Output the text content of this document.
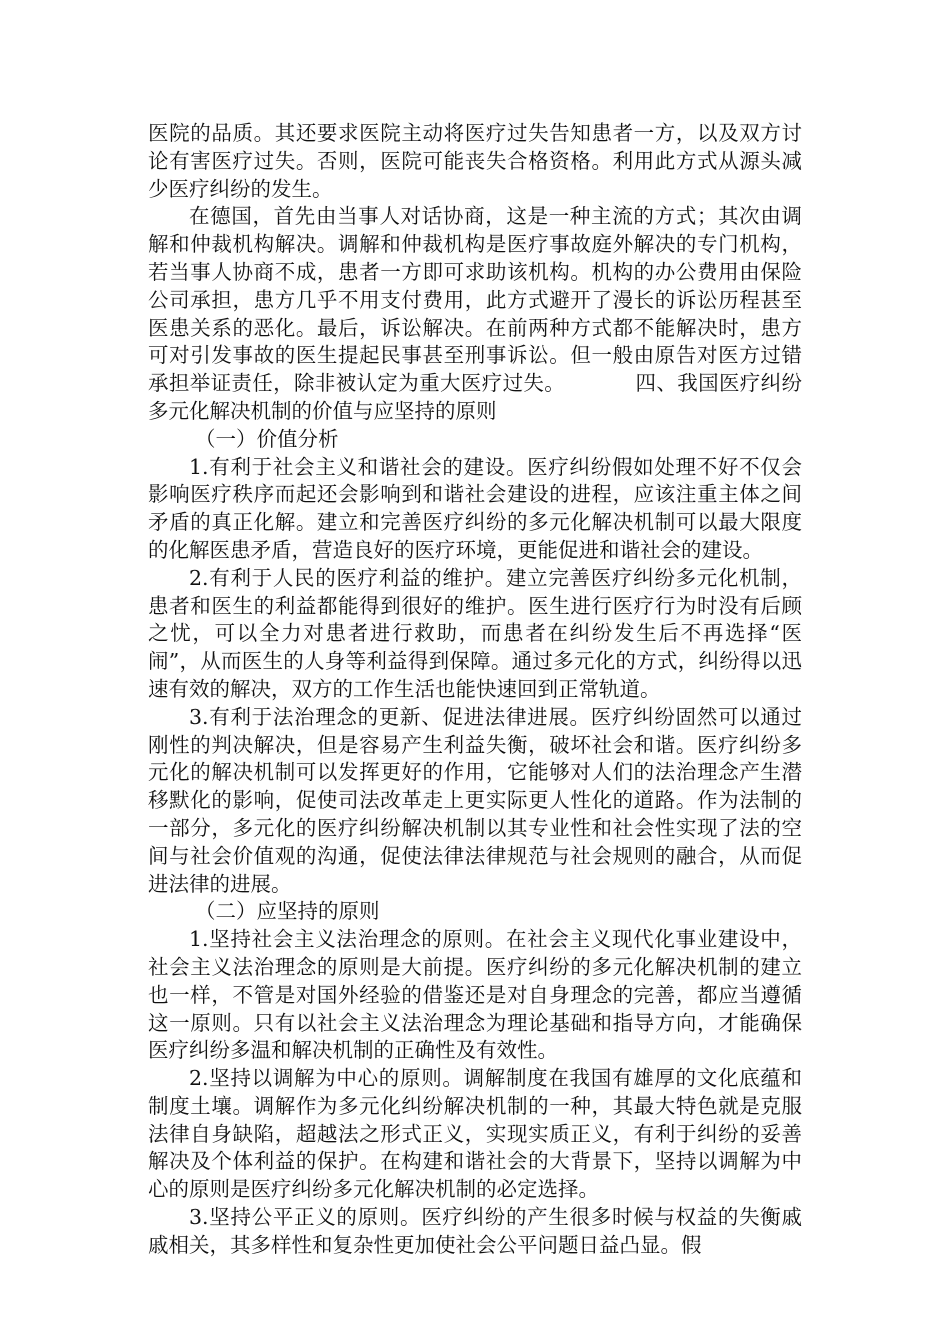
医院的品质。其还要求医院主动将医疗过失告知患者一方，以及双方讨论有害医疗过失。否则，医院可能丧失合格资格。利用此方式从源头减少医疗纠纷的发生。

在德国，首先由当事人对话协商，这是一种主流的方式；其次由调解和仲裁机构解决。调解和仲裁机构是医疗事故庭外解决的专门机构，若当事人协商不成，患者一方即可求助该机构。机构的办公费用由保险公司承担，患方几乎不用支付费用，此方式避开了漫长的诉讼历程甚至医患关系的恶化。最后，诉讼解决。在前两种方式都不能解决时，患方可对引发事故的医生提起民事甚至刑事诉讼。但一般由原告对医方过错承担举证责任，除非被认定为重大医疗过失。	四、我国医疗纠纷多元化解决机制的价值与应坚持的原则

（一）价值分析

1.有利于社会主义和谐社会的建设。医疗纠纷假如处理不好不仅会影响医疗秩序而起还会影响到和谐社会建设的进程，应该注重主体之间矛盾的真正化解。建立和完善医疗纠纷的多元化解决机制可以最大限度的化解医患矛盾，营造良好的医疗环境，更能促进和谐社会的建设。

2.有利于人民的医疗利益的维护。建立完善医疗纠纷多元化机制，患者和医生的利益都能得到很好的维护。医生进行医疗行为时没有后顾之忧，可以全力对患者进行救助，而患者在纠纷发生后不再选择“医闹”，从而医生的人身等利益得到保障。通过多元化的方式，纠纷得以迅速有效的解决，双方的工作生活也能快速回到正常轨道。

3.有利于法治理念的更新、促进法律进展。医疗纠纷固然可以通过刚性的判决解决，但是容易产生利益失衡，破坏社会和谐。医疗纠纷多元化的解决机制可以发挥更好的作用，它能够对人们的法治理念产生潜移默化的影响，促使司法改革走上更实际更人性化的道路。作为法制的一部分，多元化的医疗纠纷解决机制以其专业性和社会性实现了法的空间与社会价值观的沟通，促使法律法律规范与社会规则的融合，从而促进法律的进展。

（二）应坚持的原则

1.坚持社会主义法治理念的原则。在社会主义现代化事业建设中，社会主义法治理念的原则是大前提。医疗纠纷的多元化解决机制的建立也一样，不管是对国外经验的借鉴还是对自身理念的完善，都应当遵循这一原则。只有以社会主义法治理念为理论基础和指导方向，才能确保医疗纠纷多温和解决机制的正确性及有效性。

2.坚持以调解为中心的原则。调解制度在我国有雄厚的文化底蕴和制度土壤。调解作为多元化纠纷解决机制的一种，其最大特色就是克服法律自身缺陷，超越法之形式正义，实现实质正义，有利于纠纷的妥善解决及个体利益的保护。在构建和谐社会的大背景下，坚持以调解为中心的原则是医疗纠纷多元化解决机制的必定选择。

3.坚持公平正义的原则。医疗纠纷的产生很多时候与权益的失衡戚戚相关，其多样性和复杂性更加使社会公平问题日益凸显。假
